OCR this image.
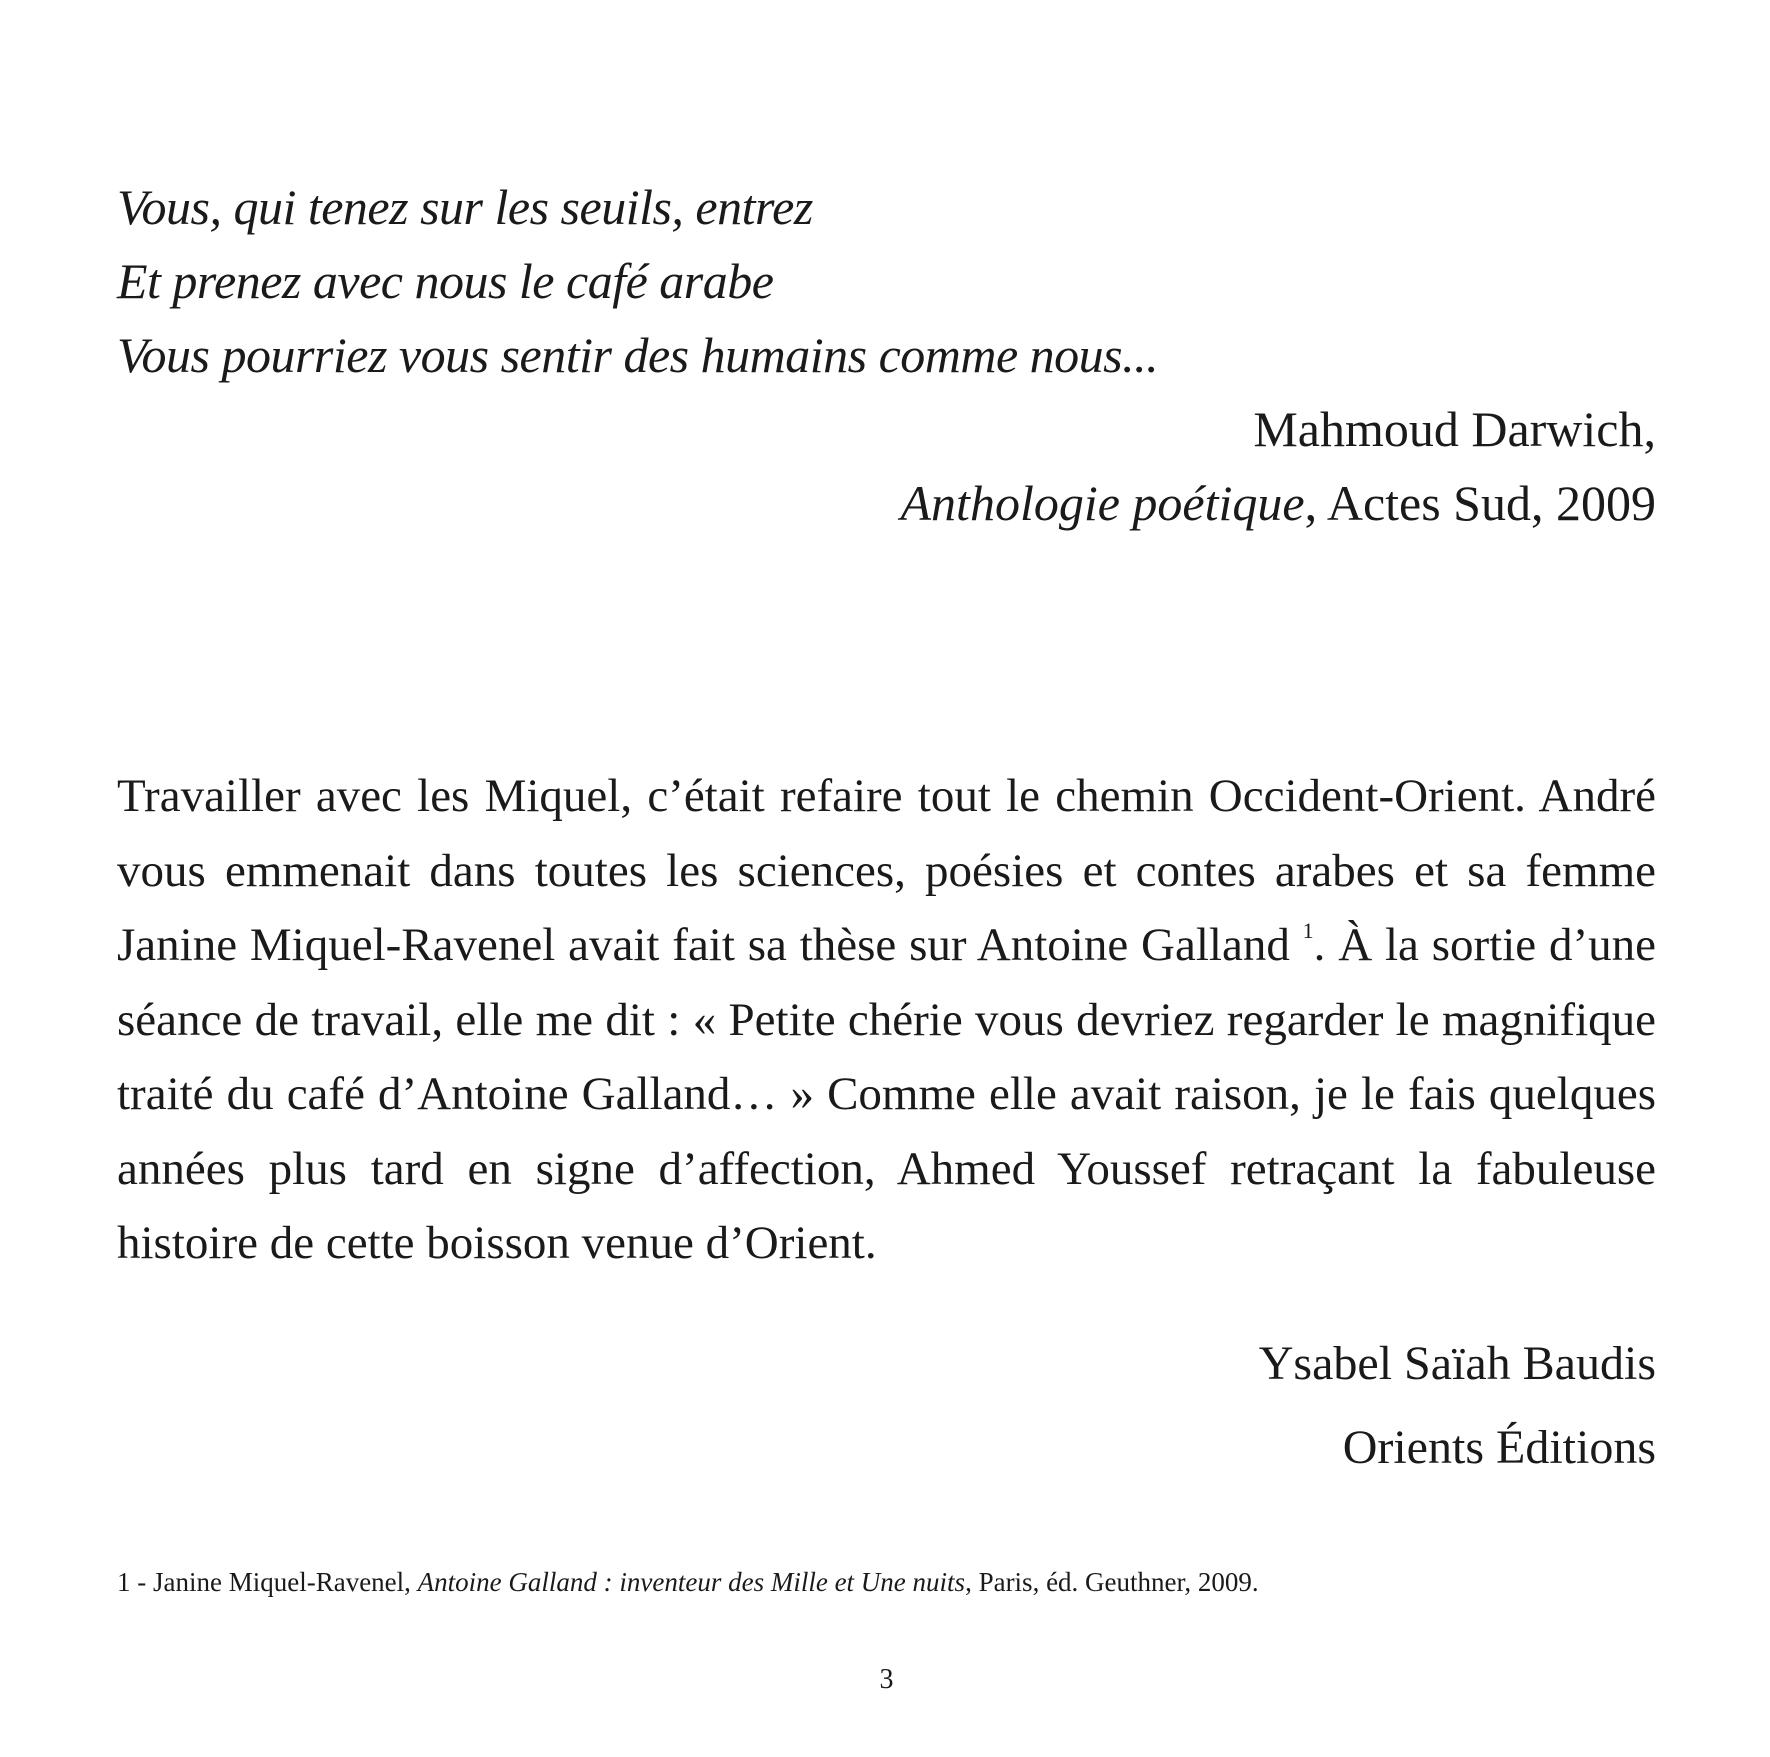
Vous, qui tenez sur les seuils, entrez
Et prenez avec nous le café arabe
Vous pourriez vous sentir des humains comme nous...
Mahmoud Darwich,
Anthologie poétique, Actes Sud, 2009

Travailler avec les Miquel, c’était refaire tout le chemin Occident-Orient. André vous emmenait dans toutes les sciences, poésies et contes arabes et sa femme Janine Miquel-Ravenel avait fait sa thèse sur Antoine Galland $^1$. À la sortie d’une séance de travail, elle me dit : « Petite chérie vous devriez regarder le magnifique traité du café d’Antoine Galland… » Comme elle avait raison, je le fais quelques années plus tard en signe d’affection, Ahmed Youssef retraçant la fabuleuse histoire de cette boisson venue d’Orient.

Ysabel Saïah Baudis
Orients Éditions
1 - Janine Miquel-Ravenel, Antoine Galland : inventeur des Mille et Une nuits, Paris, éd. Geuthner, 2009.
3
